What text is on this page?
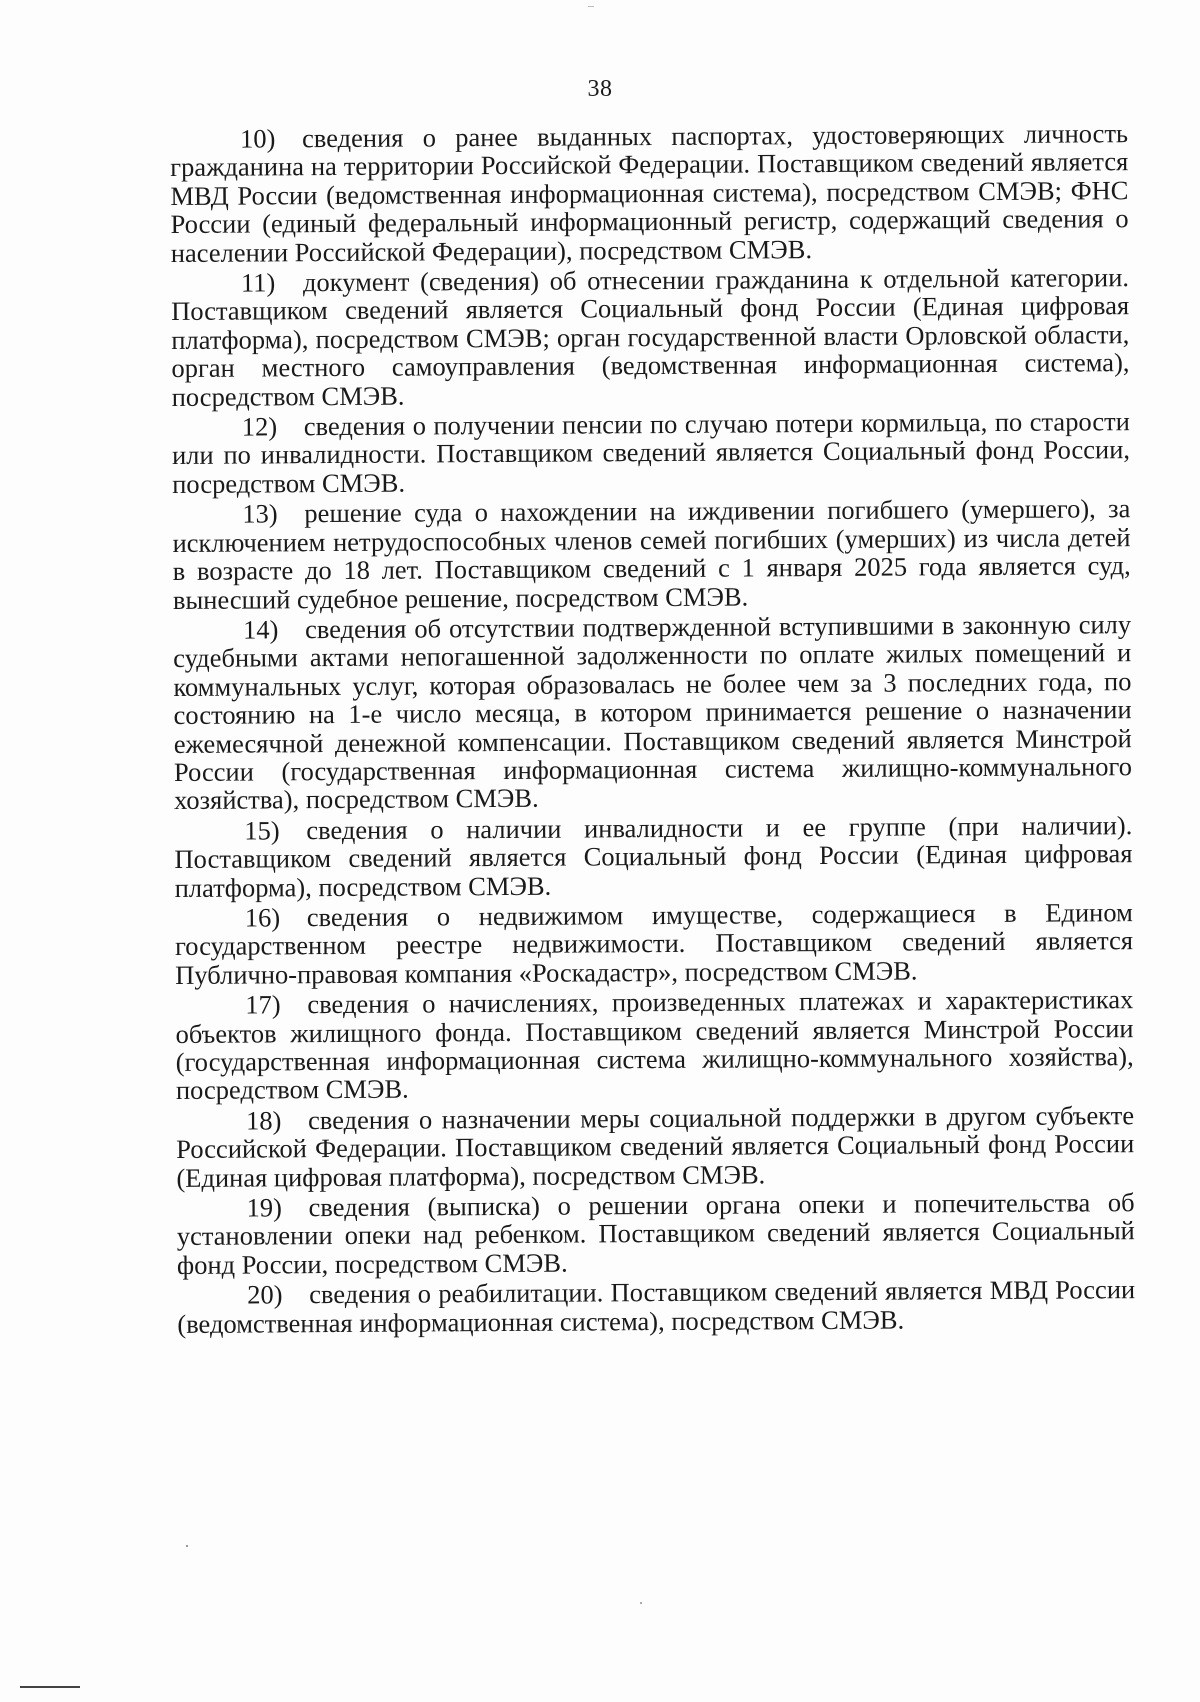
38

10) сведения о ранее выданных паспортах, удостоверяющих личность гражданина на территории Российской Федерации. Поставщиком сведений является МВД России (ведомственная информационная система), посредством СМЭВ; ФНС России (единый федеральный информационный регистр, содержащий сведения о населении Российской Федерации), посредством СМЭВ.

11) документ (сведения) об отнесении гражданина к отдельной категории. Поставщиком сведений является Социальный фонд России (Единая цифровая платформа), посредством СМЭВ; орган государственной власти Орловской области, орган местного самоуправления (ведомственная информационная система), посредством СМЭВ.

12) сведения о получении пенсии по случаю потери кормильца, по старости или по инвалидности. Поставщиком сведений является Социальный фонд России, посредством СМЭВ.

13) решение суда о нахождении на иждивении погибшего (умершего), за исключением нетрудоспособных членов семей погибших (умерших) из числа детей в возрасте до 18 лет. Поставщиком сведений с 1 января 2025 года является суд, вынесший судебное решение, посредством СМЭВ.

14) сведения об отсутствии подтвержденной вступившими в законную силу судебными актами непогашенной задолженности по оплате жилых помещений и коммунальных услуг, которая образовалась не более чем за 3 последних года, по состоянию на 1-е число месяца, в котором принимается решение о назначении ежемесячной денежной компенсации. Поставщиком сведений является Минстрой России (государственная информационная система жилищно-коммунального хозяйства), посредством СМЭВ.

15) сведения о наличии инвалидности и ее группе (при наличии). Поставщиком сведений является Социальный фонд России (Единая цифровая платформа), посредством СМЭВ.

16) сведения о недвижимом имуществе, содержащиеся в Едином государственном реестре недвижимости. Поставщиком сведений является Публично-правовая компания «Роскадастр», посредством СМЭВ.

17) сведения о начислениях, произведенных платежах и характеристиках объектов жилищного фонда. Поставщиком сведений является Минстрой России (государственная информационная система жилищно-коммунального хозяйства), посредством СМЭВ.

18) сведения о назначении меры социальной поддержки в другом субъекте Российской Федерации. Поставщиком сведений является Социальный фонд России (Единая цифровая платформа), посредством СМЭВ.

19) сведения (выписка) о решении органа опеки и попечительства об установлении опеки над ребенком. Поставщиком сведений является Социальный фонд России, посредством СМЭВ.

20) сведения о реабилитации. Поставщиком сведений является МВД России (ведомственная информационная система), посредством СМЭВ.
